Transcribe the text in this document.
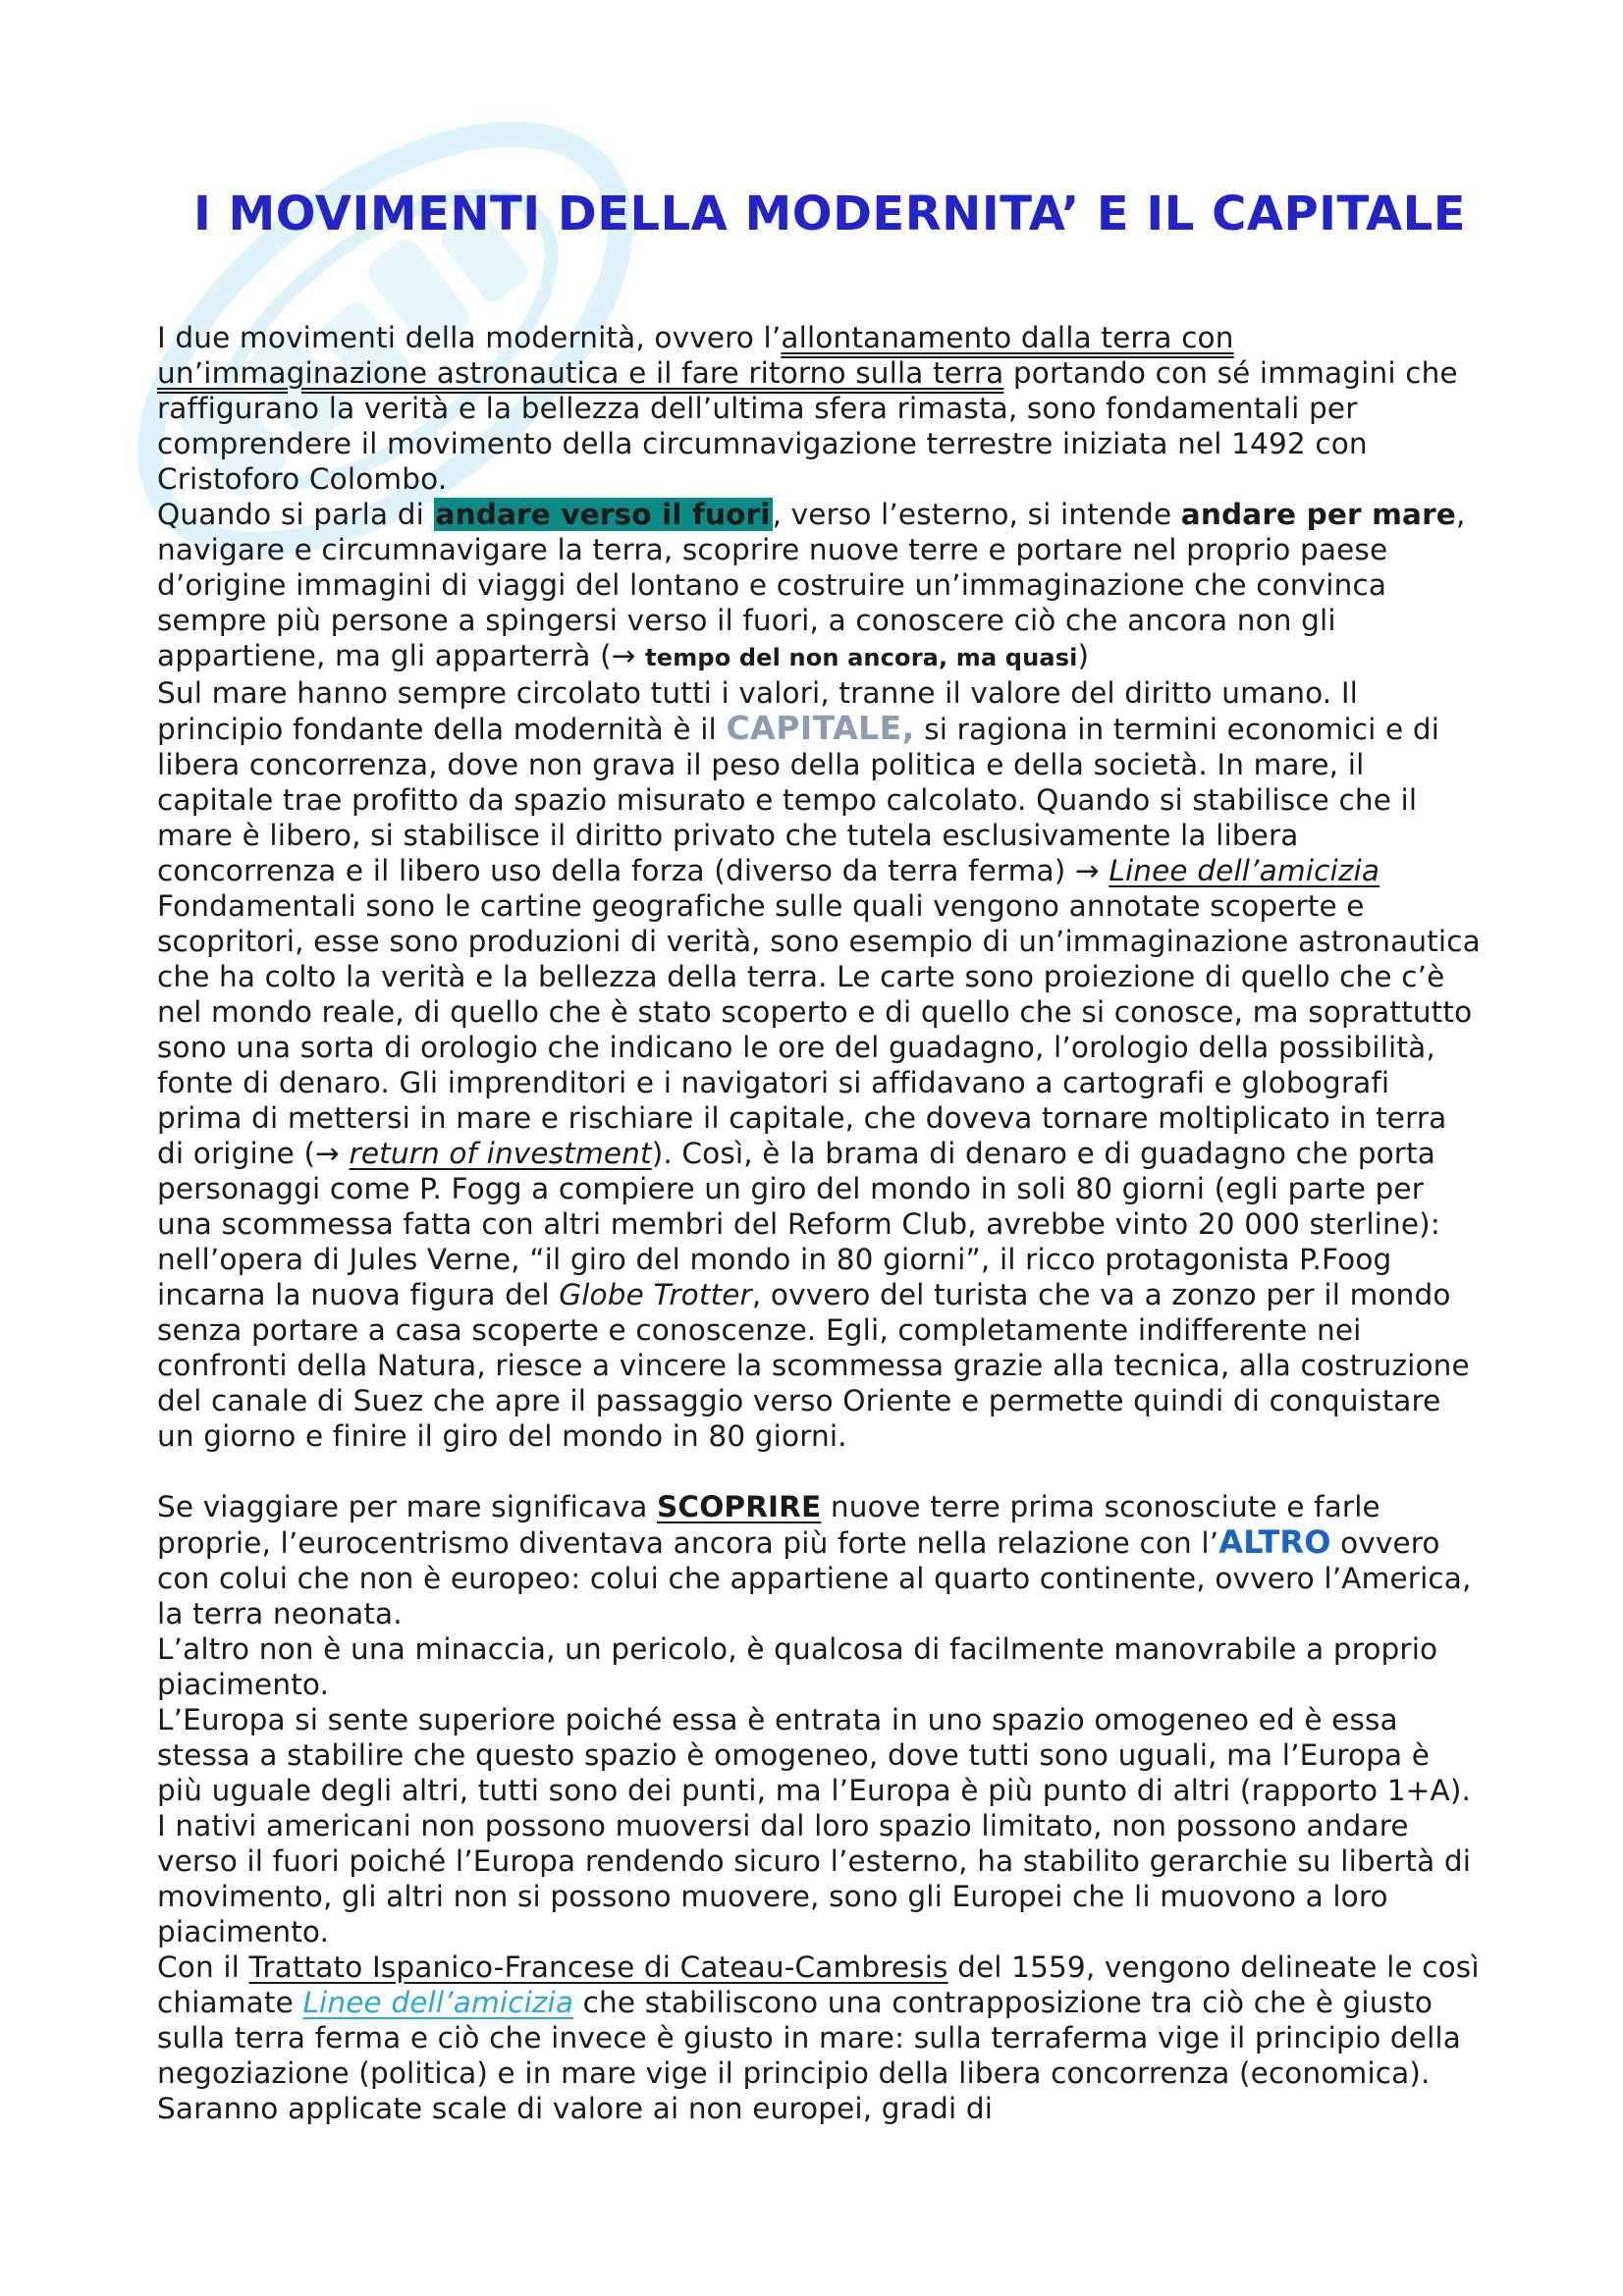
I MOVIMENTI DELLA MODERNITA’ E IL CAPITALE

I due movimenti della modernità, ovvero l’allontanamento dalla terra con un’immaginazione astronautica e il fare ritorno sulla terra portando con sé immagini che raffigurano la verità e la bellezza dell’ultima sfera rimasta, sono fondamentali per comprendere il movimento della circumnavigazione terrestre iniziata nel 1492 con Cristoforo Colombo.

Quando si parla di andare verso il fuori, verso l’esterno, si intende andare per mare, navigare e circumnavigare la terra, scoprire nuove terre e portare nel proprio paese d’origine immagini di viaggi del lontano e costruire un’immaginazione che convinca sempre più persone a spingersi verso il fuori, a conoscere ciò che ancora non gli appartiene, ma gli apparterrà (→ tempo del non ancora, ma quasi)

Sul mare hanno sempre circolato tutti i valori, tranne il valore del diritto umano. Il principio fondante della modernità è il CAPITALE, si ragiona in termini economici e di libera concorrenza, dove non grava il peso della politica e della società. In mare, il capitale trae profitto da spazio misurato e tempo calcolato. Quando si stabilisce che il mare è libero, si stabilisce il diritto privato che tutela esclusivamente la libera concorrenza e il libero uso della forza (diverso da terra ferma) → Linee dell’amicizia

Fondamentali sono le cartine geografiche sulle quali vengono annotate scoperte e scopritori, esse sono produzioni di verità, sono esempio di un’immaginazione astronautica che ha colto la verità e la bellezza della terra. Le carte sono proiezione di quello che c’è nel mondo reale, di quello che è stato scoperto e di quello che si conosce, ma soprattutto sono una sorta di orologio che indicano le ore del guadagno, l’orologio della possibilità, fonte di denaro. Gli imprenditori e i navigatori si affidavano a cartografi e globografi prima di mettersi in mare e rischiare il capitale, che doveva tornare moltiplicato in terra di origine (→ return of investment). Così, è la brama di denaro e di guadagno che porta personaggi come P. Fogg a compiere un giro del mondo in soli 80 giorni (egli parte per una scommessa fatta con altri membri del Reform Club, avrebbe vinto 20 000 sterline): nell’opera di Jules Verne, “il giro del mondo in 80 giorni”, il ricco protagonista P.Foog incarna la nuova figura del Globe Trotter, ovvero del turista che va a zonzo per il mondo senza portare a casa scoperte e conoscenze. Egli, completamente indifferente nei confronti della Natura, riesce a vincere la scommessa grazie alla tecnica, alla costruzione del canale di Suez che apre il passaggio verso Oriente e permette quindi di conquistare un giorno e finire il giro del mondo in 80 giorni.

Se viaggiare per mare significava SCOPRIRE nuove terre prima sconosciute e farle proprie, l’eurocentrismo diventava ancora più forte nella relazione con l’ALTRO ovvero con colui che non è europeo: colui che appartiene al quarto continente, ovvero l’America, la terra neonata.

L’altro non è una minaccia, un pericolo, è qualcosa di facilmente manovrabile a proprio piacimento.

L’Europa si sente superiore poiché essa è entrata in uno spazio omogeneo ed è essa stessa a stabilire che questo spazio è omogeneo, dove tutti sono uguali, ma l’Europa è più uguale degli altri, tutti sono dei punti, ma l’Europa è più punto di altri (rapporto 1+A). I nativi americani non possono muoversi dal loro spazio limitato, non possono andare verso il fuori poiché l’Europa rendendo sicuro l’esterno, ha stabilito gerarchie su libertà di movimento, gli altri non si possono muovere, sono gli Europei che li muovono a loro piacimento.

Con il Trattato Ispanico-Francese di Cateau-Cambresis del 1559, vengono delineate le così chiamate Linee dell’amicizia che stabiliscono una contrapposizione tra ciò che è giusto sulla terra ferma e ciò che invece è giusto in mare: sulla terraferma vige il principio della negoziazione (politica) e in mare vige il principio della libera concorrenza (economica). Saranno applicate scale di valore ai non europei, gradi di
